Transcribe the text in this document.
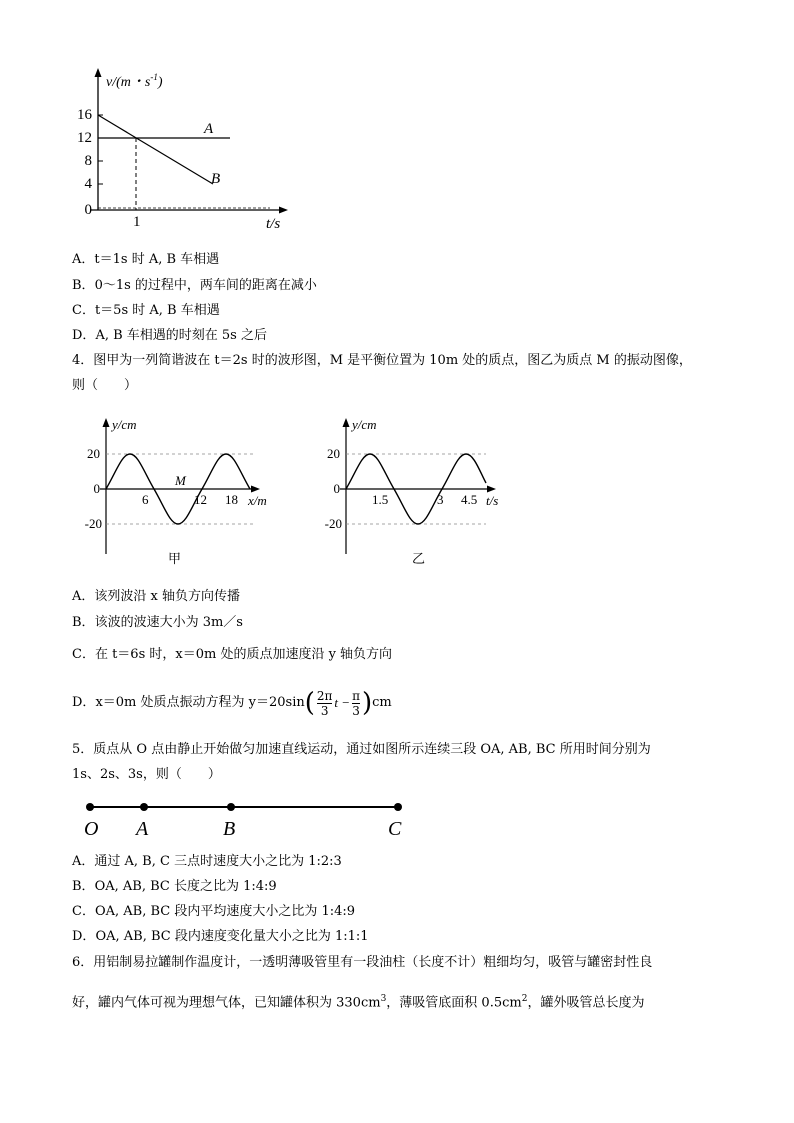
v/(m・$s^{-1}$)
16
12
8
4
0
1
A
B
t/s
A．t＝1s 时 A, B 车相遇
B．0～1s 的过程中，两车间的距离在减小
C．t＝5s 时 A, B 车相遇
D．A, B 车相遇的时刻在 5s 之后
4．图甲为一列简谐波在 t＝2s 时的波形图，M 是平衡位置为 10m 处的质点，图乙为质点 M 的振动图像，
则（　　）
20
0
-20
6	12 18
M
y/cm
x/m
甲
20
0
-20
1.5	3 4.5
y/cm
t/s
乙
A．该列波沿 x 轴负方向传播
B．该波的波速大小为 3m／s
C．在 t＝6s 时，x＝0m 处的质点加速度沿 y 轴负方向
D． x＝0m 处质点振动方程为 y＝20sin ( 2π
3
$t - \frac{\pi}{3}$ ) cm
5．质点从 O 点由静止开始做匀加速直线运动，通过如图所示连续三段 OA, AB, BC 所用时间分别为
1s、2s、3s，则（　　）
O A	B	C
A．通过 A, B, C 三点时速度大小之比为 1:2:3
B．OA, AB, BC 长度之比为 1:4:9
C．OA, AB, BC 段内平均速度大小之比为 1:4:9
D．OA, AB, BC 段内速度变化量大小之比为 1:1:1
6．用铝制易拉罐制作温度计，一透明薄吸管里有一段油柱（长度不计）粗细均匀，吸管与罐密封性良
好，罐内气体可视为理想气体，已知罐体积为 $330cm^3$，薄吸管底面积 $0.5cm^2$，罐外吸管总长度为
